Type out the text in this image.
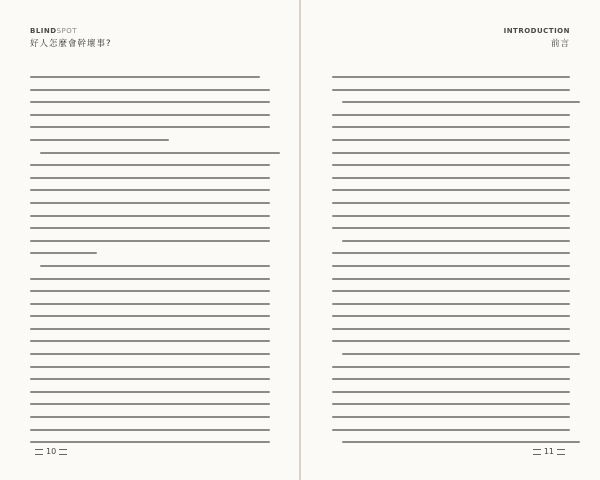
BLINDSPOT
好人怎麼會幹壞事?
10
INTRODUCTION
前言
11
